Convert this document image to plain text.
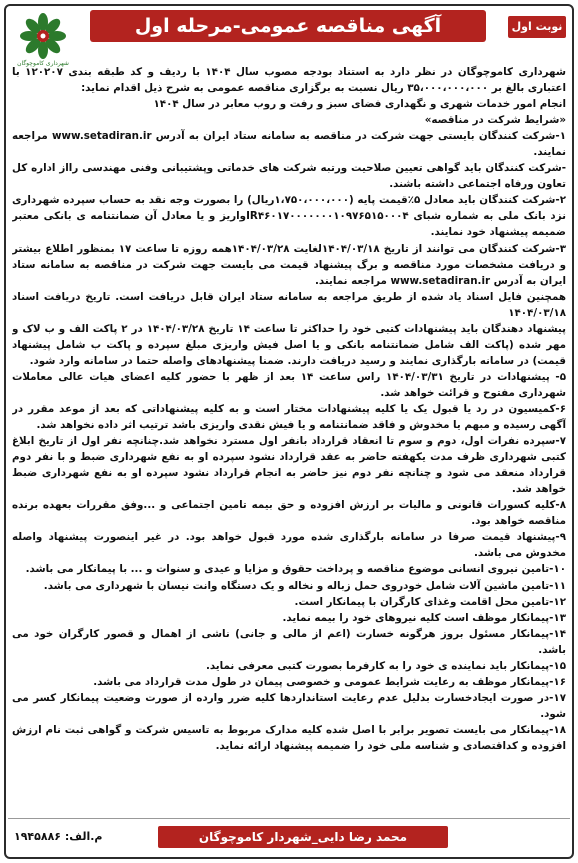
شهرداری کاموچوگان
آگهی مناقصه عمومی-مرحله اول	نوبت اول

شهرداری کاموچوگان در نظر دارد به استناد بودجه مصوب سال ۱۴۰۴ با ردیف و کد طبقه بندی ۱۲۰۲۰۷ با اعتباری بالغ بر ۳۵،۰۰۰،۰۰۰،۰۰۰ ریال نسبت به برگزاری مناقصه عمومی به شرح ذیل اقدام نماید:

انجام امور خدمات شهری و نگهداری فضای سبز و رفت و روب معابر در سال ۱۴۰۴

«شرایط شرکت در مناقصه»

۱-شرکت کنندگان بایستی جهت شرکت در مناقصه به سامانه ستاد ایران به آدرس www.setadiran.ir مراجعه نمایند.

-شرکت کنندگان باید گواهی تعیین صلاحیت ورتبه شرکت های خدماتی وپشتیبانی وفنی مهندسی رااز اداره کل تعاون ورفاه اجتماعی داشته باشند.

۲-شرکت کنندگان باید معادل ۵٪قیمت پایه (۱،۷۵۰،۰۰۰،۰۰۰ریال) را بصورت وجه نقد به حساب سپرده شهرداری نزد بانک ملی به شماره شبای IR۴۶۰۱۷۰۰۰۰۰۰۰۱۰۹۷۶۵۱۵۰۰۰۴واریز و یا معادل آن ضمانتنامه ی بانکی معتبر ضمیمه پیشنهاد خود نمایند.

۳-شرکت کنندگان می توانند از تاریخ ۱۴۰۴/۰۳/۱۸لغایت ۱۴۰۴/۰۳/۲۸همه روزه تا ساعت ۱۷ بمنظور اطلاع بیشتر و دریافت مشخصات مورد مناقصه و برگ پیشنهاد قیمت می بایست جهت شرکت در مناقصه به سامانه ستاد ایران به آدرس www.setadiran.ir مراجعه نمایند.

همچنین فایل اسناد یاد شده از طریق مراجعه به سامانه ستاد ایران قابل دریافت است. تاریخ دریافت اسناد ۱۴۰۴/۰۳/۱۸

پیشنهاد دهندگان باید پیشنهادات کتبی خود را حداکثر تا ساعت ۱۴ تاریخ ۱۴۰۴/۰۳/۲۸ در ۲ پاکت الف و ب لاک و مهر شده (پاکت الف شامل ضمانتنامه بانکی و یا اصل فیش واریزی مبلغ سپرده و پاکت ب شامل پیشنهاد قیمت) در سامانه بارگذاری نمایند و رسید دریافت دارند. ضمنا پیشنهادهای واصله حتما در سامانه وارد شود.

۵- پیشنهادات در تاریخ ۱۴۰۴/۰۳/۳۱ راس ساعت ۱۴ بعد از ظهر با حضور کلیه اعضای هیات عالی معاملات شهرداری مفتوح و قرائت خواهد شد.

۶-کمیسیون در رد یا قبول یک یا کلیه پیشنهادات مختار است و به کلیه پیشنهاداتی که بعد از موعد مقرر در آگهی رسیده و مبهم یا مخدوش و فاقد ضمانتنامه و یا فیش نقدی واریزی باشد ترتیب اثر داده نخواهد شد.

۷-سپرده نفرات اول، دوم و سوم تا انعقاد قرارداد بانفر اول مسترد نخواهد شد.چنانچه نفر اول از تاریخ ابلاغ کتبی شهرداری ظرف مدت یکهفته حاضر به عقد قرارداد نشود سپرده او به نفع شهرداری ضبط و با نفر دوم قرارداد منعقد می شود و چنانچه نفر دوم نیز حاضر به انجام قرارداد نشود سپرده او به نفع شهرداری ضبط خواهد شد.

۸-کلیه کسورات قانونی و مالیات بر ارزش افزوده و حق بیمه تامین اجتماعی و ...وفق مقررات بعهده برنده مناقصه خواهد بود.

۹-پیشنهاد قیمت صرفا در سامانه بارگذاری شده مورد قبول خواهد بود. در غیر اینصورت پیشنهاد واصله مخدوش می باشد.

۱۰-تامین نیروی انسانی موضوع مناقصه و پرداخت حقوق و مزایا و عیدی و سنوات و ... با پیمانکار می باشد.

۱۱-تامین ماشین آلات شامل خودروی حمل زباله و نخاله و یک دستگاه وانت نیسان با شهرداری می باشد.

۱۲-تامین محل اقامت وغذای کارگران با پیمانکار است.

۱۳-پیمانکار موظف است کلیه نیروهای خود را بیمه نماید.

۱۴-پیمانکار مسئول بروز هرگونه خسارت (اعم از مالی و جانی) ناشی از اهمال و قصور کارگران خود می باشد.

۱۵-پیمانکار باید نماینده ی خود را به کارفرما بصورت کتبی معرفی نماید.

۱۶-پیمانکار موظف به رعایت شرایط عمومی و خصوصی پیمان در طول مدت قرارداد می باشد.

۱۷-در صورت ایجادخسارت بدلیل عدم رعایت استانداردها کلیه ضرر وارده از صورت وضعیت پیمانکار کسر می شود.

۱۸-پیمانکار می بایست تصویر برابر با اصل شده کلیه مدارک مربوط به تاسیس شرکت و گواهی ثبت نام ارزش افزوده و کداقتصادی و شناسه ملی خود را ضمیمه پیشنهاد ارائه نماید.

محمد رضا دایی_شهردار کاموچوگان
م.الف: ۱۹۴۵۸۸۶
